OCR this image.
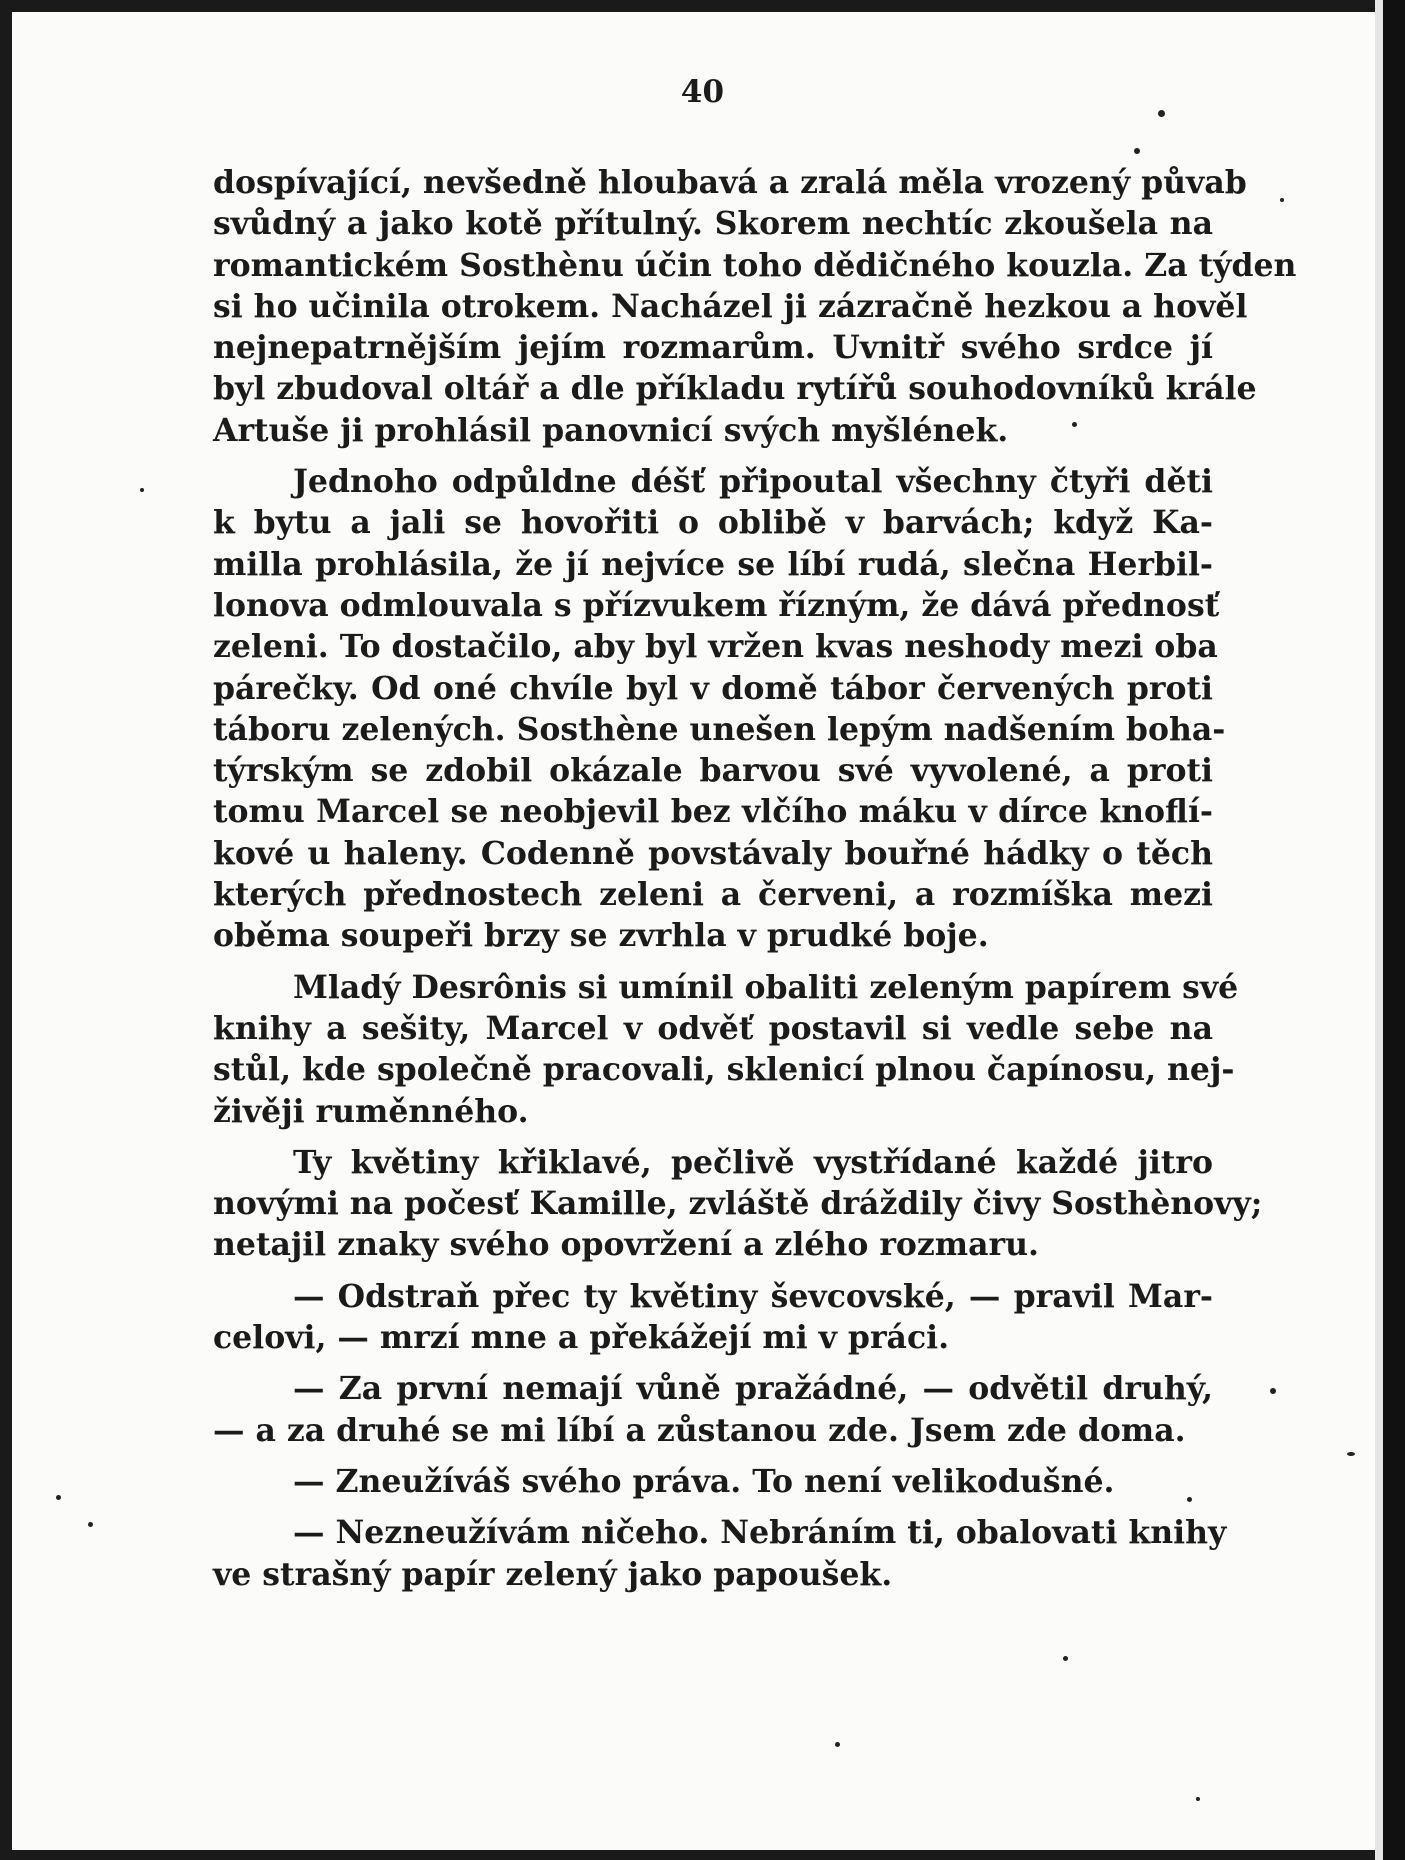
40
dospívající, nevšedně hloubavá a zralá měla vrozený půvab
svůdný a jako kotě přítulný. Skorem nechtíc zkoušela na
romantickém Sosthènu účin toho dědičného kouzla. Za týden
si ho učinila otrokem. Nacházel ji zázračně hezkou a hověl
nejnepatrnějším jejím rozmarům. Uvnitř svého srdce jí
byl zbudoval oltář a dle příkladu rytířů souhodovníků krále
Artuše ji prohlásil panovnicí svých myšlének.
Jednoho odpůldne déšť připoutal všechny čtyři děti
k bytu a jali se hovořiti o oblibě v barvách; když Ka-
milla prohlásila, že jí nejvíce se líbí rudá, slečna Herbil-
lonova odmlouvala s přízvukem řízným, že dává přednosť
zeleni. To dostačilo, aby byl vržen kvas neshody mezi oba
párečky. Od oné chvíle byl v domě tábor červených proti
táboru zelených. Sosthène unešen lepým nadšením boha-
týrským se zdobil okázale barvou své vyvolené, a proti
tomu Marcel se neobjevil bez vlčího máku v dírce knoflí-
kové u haleny. Codenně povstávaly bouřné hádky o těch
kterých přednostech zeleni a červeni, a rozmíška mezi
oběma soupeři brzy se zvrhla v prudké boje.
Mladý Desrônis si umínil obaliti zeleným papírem své
knihy a sešity, Marcel v odvěť postavil si vedle sebe na
stůl, kde společně pracovali, sklenicí plnou čapínosu, nej-
živěji ruměnného.
Ty květiny křiklavé, pečlivě vystřídané každé jitro
novými na počesť Kamille, zvláště dráždily čivy Sosthènovy;
netajil znaky svého opovržení a zlého rozmaru.
— Odstraň přec ty květiny ševcovské, — pravil Mar-
celovi, — mrzí mne a překážejí mi v práci.
— Za první nemají vůně pražádné, — odvětil druhý,
— a za druhé se mi líbí a zůstanou zde. Jsem zde doma.
— Zneužíváš svého práva. To není velikodušné.
— Nezneužívám ničeho. Nebráním ti, obalovati knihy
ve strašný papír zelený jako papoušek.
